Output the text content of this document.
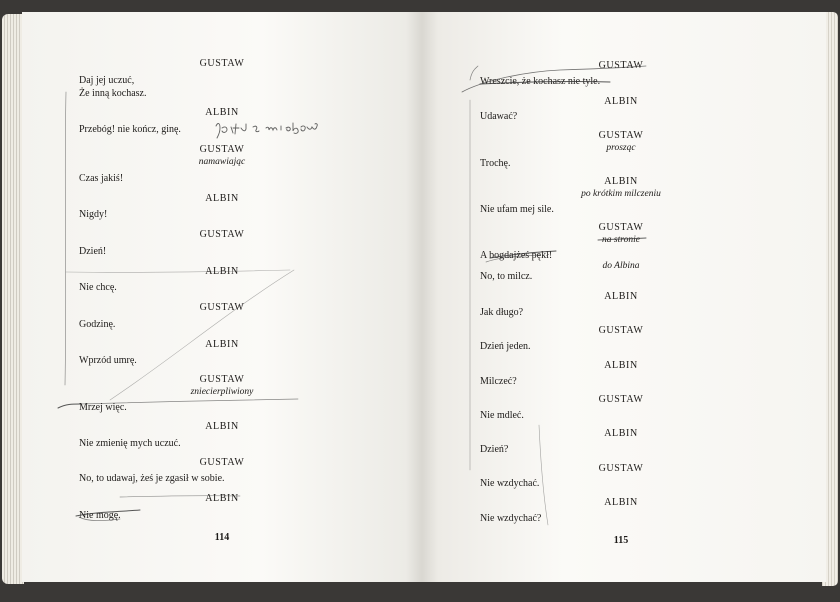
GUSTAW
Daj jej uczuć,
Że inną kochasz.
ALBIN
Przebóg! nie kończ, ginę.
GUSTAW
namawiając
Czas jakiś!
ALBIN
Nigdy!
GUSTAW
Dzień!
ALBIN
Nie chcę.
GUSTAW
Godzinę.
ALBIN
Wprzód umrę.
GUSTAW
zniecierpliwiony
Mrzej więc.
ALBIN
Nie zmienię mych uczuć.
GUSTAW
No, to udawaj, żeś je zgasił w sobie.
ALBIN
Nie mogę.
114
GUSTAW
Wreszcie, że kochasz nie tyle.
ALBIN
Udawać?
GUSTAW
prosząc
Trochę.
ALBIN
po krótkim milczeniu
Nie ufam mej sile.
GUSTAW
na stronie
A bogdajżeś pękł!
do Albina
No, to milcz.
ALBIN
Jak długo?
GUSTAW
Dzień jeden.
ALBIN
Milczeć?
GUSTAW
Nie mdleć.
ALBIN
Dzień?
GUSTAW
Nie wzdychać.
ALBIN
Nie wzdychać?
115
